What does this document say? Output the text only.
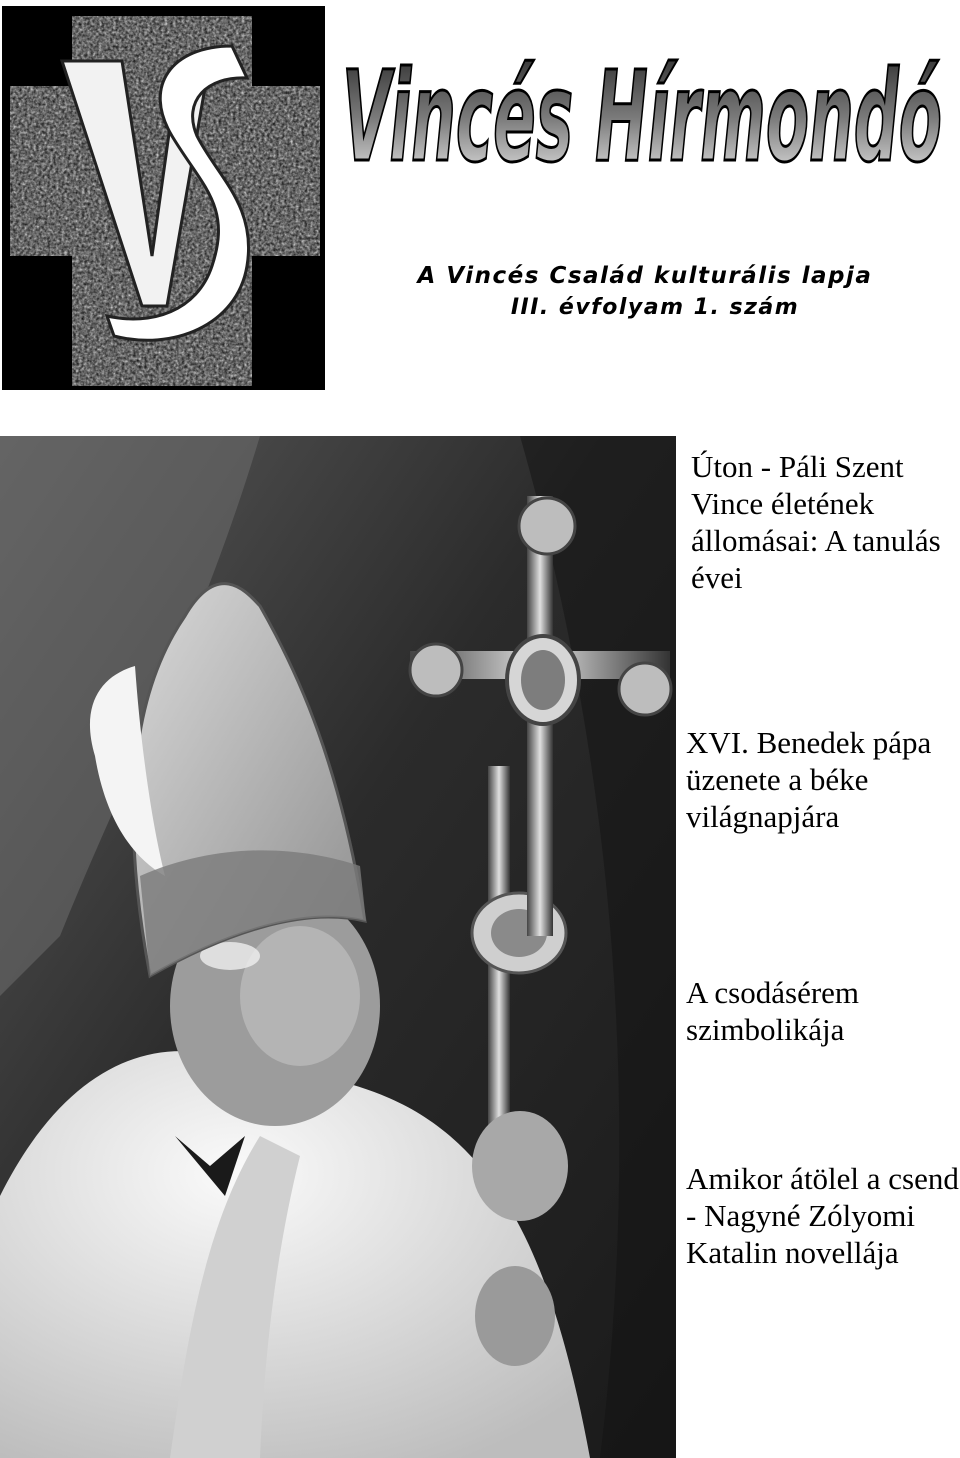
Vincés Hírmondó
A Vincés Család kulturális lapja
III. évfolyam 1. szám
Úton - Páli Szent Vince életének állomásai: A tanulás évei
XVI. Benedek pápa üzenete a béke világnapjára
A csodásérem szimbolikája
Amikor átölel a csend - Nagyné Zólyomi Katalin novellája
